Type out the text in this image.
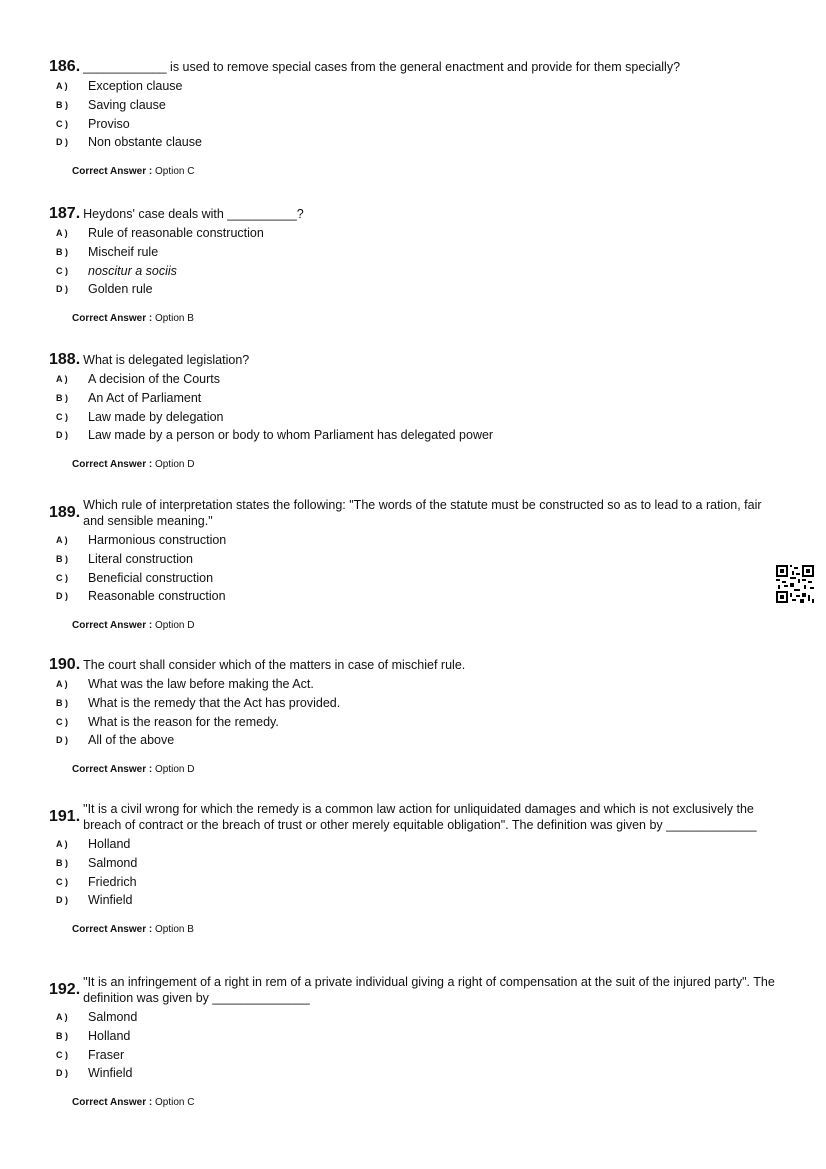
186. ____________ is used to remove special cases from the general enactment and provide for them specially?
A )	Exception clause
B )	Saving clause
C )	Proviso
D )	Non obstante clause
Correct Answer : Option C
187. Heydons' case deals with __________?
A )	Rule of reasonable construction
B )	Mischeif rule
C )	noscitur a sociis
D )	Golden rule
Correct Answer : Option B
188. What is delegated legislation?
A )	A decision of the Courts
B )	An Act of Parliament
C )	Law made by delegation
D )	Law made by a person or body to whom Parliament has delegated power
Correct Answer : Option D
189. Which rule of interpretation states the following: "The words of the statute must be constructed so as to lead to a ration, fair and sensible meaning."
A )	Harmonious construction
B )	Literal construction
C )	Beneficial construction
D )	Reasonable construction
Correct Answer : Option D
190. The court shall consider which of the matters in case of mischief rule.
A )	What was the law before making the Act.
B )	What is the remedy that the Act has provided.
C )	What is the reason for the remedy.
D )	All of the above
Correct Answer : Option D
191. "It is a civil wrong for which the remedy is a common law action for unliquidated damages and which is not exclusively the breach of contract or the breach of trust or other merely equitable obligation". The definition was given by _____________
A )	Holland
B )	Salmond
C )	Friedrich
D )	Winfield
Correct Answer : Option B
192. "It is an infringement of a right in rem of a private individual giving a right of compensation at the suit of the injured party". The definition was given by ______________
A )	Salmond
B )	Holland
C )	Fraser
D )	Winfield
Correct Answer : Option C
